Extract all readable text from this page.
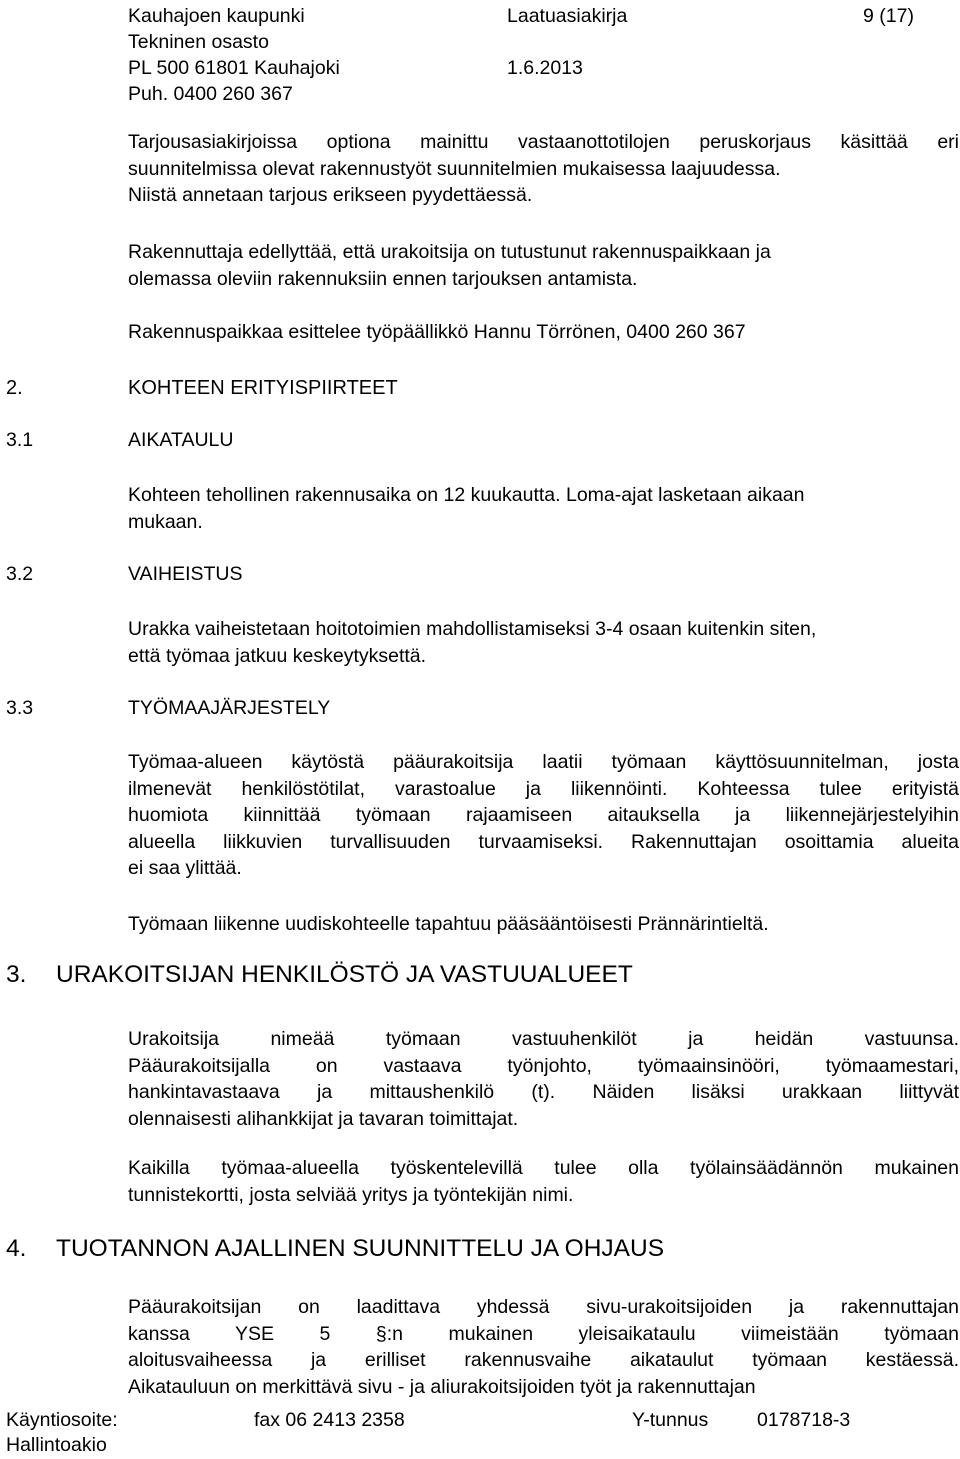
Kauhajoen kaupunki
Tekninen osasto
PL 500 61801 Kauhajoki
Puh. 0400 260 367
Laatuasiakirja
1.6.2013
9 (17)
Tarjousasiakirjoissa optiona mainittu vastaanottotilojen peruskorjaus käsittää eri
suunnitelmissa olevat rakennustyöt suunnitelmien mukaisessa laajuudessa.
Niistä annetaan tarjous erikseen pyydettäessä.
Rakennuttaja edellyttää, että urakoitsija on tutustunut rakennuspaikkaan ja
olemassa oleviin rakennuksiin ennen tarjouksen antamista.
Rakennuspaikkaa esittelee työpäällikkö Hannu Törrönen, 0400 260 367
2.	KOHTEEN ERITYISPIIRTEET
3.1	AIKATAULU
Kohteen tehollinen rakennusaika on 12 kuukautta. Loma-ajat lasketaan aikaan
mukaan.
3.2	VAIHEISTUS
Urakka vaiheistetaan hoitotoimien mahdollistamiseksi 3-4 osaan kuitenkin siten,
että työmaa jatkuu keskeytyksettä.
3.3	TYÖMAAJÄRJESTELY
Työmaa-alueen käytöstä pääurakoitsija laatii työmaan käyttösuunnitelman, josta
ilmenevät henkilöstötilat, varastoalue ja liikennöinti. Kohteessa tulee erityistä
huomiota kiinnittää työmaan rajaamiseen aitauksella ja liikennejärjestelyihin
alueella liikkuvien turvallisuuden turvaamiseksi. Rakennuttajan osoittamia alueita
ei saa ylittää.
Työmaan liikenne uudiskohteelle tapahtuu pääsääntöisesti Prännärintieltä.
3. URAKOITSIJAN HENKILÖSTÖ JA VASTUUALUEET
Urakoitsija nimeää työmaan vastuuhenkilöt ja heidän vastuunsa.
Pääurakoitsijalla on vastaava työnjohto, työmaainsinööri, työmaamestari,
hankintavastaava ja mittaushenkilö (t). Näiden lisäksi urakkaan liittyvät
olennaisesti alihankkijat ja tavaran toimittajat.
Kaikilla työmaa-alueella työskentelevillä tulee olla työlainsäädännön mukainen
tunnistekortti, josta selviää yritys ja työntekijän nimi.
4. TUOTANNON AJALLINEN SUUNNITTELU JA OHJAUS
Pääurakoitsijan on laadittava yhdessä sivu-urakoitsijoiden ja rakennuttajan
kanssa YSE 5 §:n mukainen yleisaikataulu viimeistään työmaan
aloitusvaiheessa ja erilliset rakennusvaihe aikataulut työmaan kestäessä.
Aikatauluun on merkittävä sivu - ja aliurakoitsijoiden työt ja rakennuttajan
Käyntiosoite:
Hallintoakio
fax 06 2413 2358	Y-tunnus 0178718-3
